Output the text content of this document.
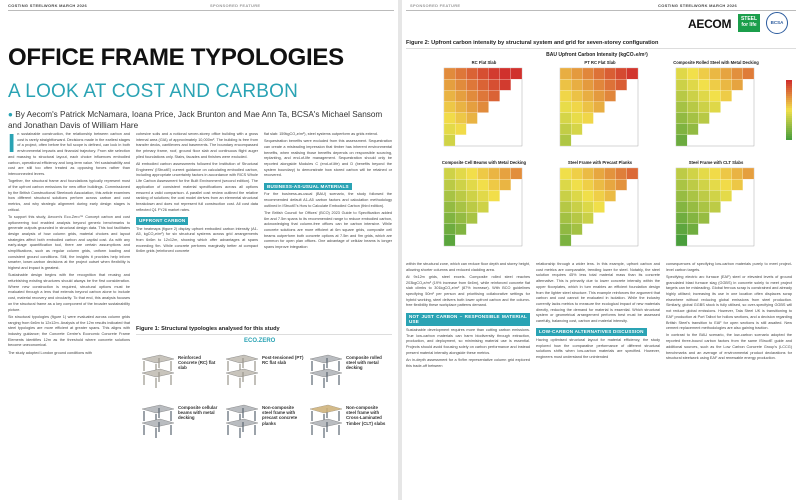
COSTING STEELWORK MARCH 2026	SPONSORED FEATURE
OFFICE FRAME TYPOLOGIES
A LOOK AT COST AND CARBON
● By Aecom's Patrick McNamara, Ioana Price, Jack Brunton and Mae Ann Ta, BCSA's Michael Sansom and Jonathan Davis of William Hare

In sustainable construction, the relationship between carbon and cost is rarely straightforward. Decisions made in the earliest stages of a project, often before the full scope is defined, can lock in both environmental impacts and financial trajectory. From site selection and massing to structural layout, each choice influences embodied carbon, operational efficiency and long-term value. Yet sustainability and cost are still too often treated as opposing forces rather than interconnected levers.

Together, the structural frame and foundations typically represent most of the upfront carbon emissions for new office buildings. Commissioned by the British Constructional Steelwork Association, this article examines how different structural solutions perform across carbon and cost metrics, and why strategic alignment during early design stages is critical.

To support this study, Aecom's Eco.Zero™ Concept carbon and cost optioneering tool enabled analysis beyond generic benchmarks to generate outputs grounded in structural design data. This tool facilitates design analysis of how column grids, material choices and layout strategies affect both embodied carbon and capital cost. As with any early-stage quantification tool, there are certain assumptions and simplifications, such as regular column grids, uniform loading and consistent ground conditions. Still, the insights it provides help inform smarter, lower-carbon decisions at the project outset when flexibility is highest and impact is greatest.

Sustainable design begins with the recognition that reusing and refurbishing existing structures should always be the first consideration. Where new construction is required, structural options must be evaluated through a lens that extends beyond carbon alone to include cost, material recovery and circularity. To that end, this analysis focuses on the structural frame as a key component of the broader sustainability picture.

Six structural typologies (figure 1) were evaluated across column grids ranging from 6x6m to 12x12m. Analysis of the 12m results indicated that steel typologies are more efficient at greater spans. This aligns with industry guidance; the Concrete Centre's Economic Concrete Frame Elements identifies 12m as the threshold where concrete solutions become uneconomical.

The study adopted London ground conditions with

cohesive soils and a notional seven-storey office building with a gross internal area (GIA) of approximately 10,000m². The building is free from transfer decks, cantilevers and basements. The boundary encompassed the primary frame, roof, ground floor slab and continuous flight auger piled foundations only. Stairs, facades and finishes were excluded.

All embodied carbon assessments followed the Institution of Structural Engineers' (IStructE) current guidance on calculating embodied carbon, including appropriate uncertainty factors in accordance with RICS Whole Life Carbon Assessment for the Built Environment (second edition). The application of consistent material specifications across all options ensured a valid comparison. A parallel cost review outlined the relative ranking of solutions; the cost model derives from an elemental structural breakdown and does not represent full construction cost. All cost data reflected Q1 FY26 market rates.

UPFRONT CARBON

The heatmaps (figure 2) display upfront embodied carbon intensity (A1-A5, kgCO₂e/m²) for six structural systems across grid arrangements from 6x6m to 12x12m, showing which offer advantages at spans exceeding 9m. While concrete performs marginally better at compact 6x6m grids (reinforced concrete

flat slab: 159kgCO₂e/m²), steel systems outperform as grids extend.

Sequestration benefits were excluded from this assessment. Sequestration can create a misleading impression that timber has inherent environmental benefits, when realising those benefits depends on responsible sourcing, replanting, and end-of-life management. Sequestration should only be reported alongside Modules C (end-of-life) and D (benefits beyond the system boundary) to demonstrate how stored carbon will be retained or recovered.

BUSINESS-AS-USUAL MATERIALS

For the business-as-usual (BAU) scenario, the study followed the recommended default A1-A5 carbon factors and calculation methodology outlined in IStructE's How to Calculate Embodied Carbon (third edition).

The British Council for Offices' (BCO) 2023 Guide to Specification added 6m and 7.5m spans to its recommended range to reduce embodied carbon, acknowledging that column-free offices can be carbon intensive. While concrete solutions are more efficient at 6m square grids, composite cell beams outperform both concrete options at 7.5m and 9m grids, which are common for open plan offices. One advantage of cellular beams is longer spans improve integration

Figure 1: Structural typologies analysed for this study
ECO.ZERO
Reinforced Concrete (RC) flat slab
Post-tensioned (PT) RC flat slab
Composite rolled steel with metal decking
Composite cellular beams with metal decking
Non-composite steel frame with precast concrete planks
Non-composite steel frame with Cross-Laminated Timber (CLT) slabs
SPONSORED FEATURE	COSTING STEELWORK MARCH 2026
AECOM	STEEL for life	BCSA
Figure 2: Upfront carbon intensity by structural system and grid for seven-storey configuration
BAU Upfront Carbon Intensity (kgCO₂e/m²)
RC Flat Slab	PT RC Flat Slab	Composite Rolled Steel with Metal Decking
Composite Cell Beams with Metal Decking	Steel Frame with Precast Planks	Steel Frame with CLT Slabs

within the structural zone, which can reduce floor depth and storey height, allowing shorter columns and reduced cladding area.

At 9x12m grids, steel excels. Composite rolled steel reaches 203kgCO₂e/m² (19% increase from 6x6m), while reinforced concrete flat slab climbs to 301kgCO₂e/m² (87% increase). With BCO guidelines specifying 50m² per person and prioritising collaborative settings for hybrid working, steel delivers both lower upfront carbon and the column-free flexibility these workplace patterns demand.

NOT JUST CARBON – RESPONSIBLE MATERIAL USE

Sustainable development requires more than cutting carbon emissions. True low-carbon materials can harm biodiversity through extraction, production, and deployment, so minimising material use is essential. Projects should avoid focusing solely on carbon performance and instead present material intensity alongside these metrics.

An in-depth assessment for a 9x9m representative column grid explored this trade-off between

relationship through a wider lens. In this example, upfront carbon and cost metrics are comparable, trending lower for steel. Notably, the steel solution requires 45% less total material mass than its concrete alternative. This is primarily due to lower concrete intensity within the upper floorplates, which in turn enables an efficient foundation design from the lighter steel structure. This example reinforces the argument that carbon and cost cannot be evaluated in isolation. While the industry currently lacks metrics to measure the ecological impact of new materials directly, reducing the demand for material is essential. Which structural system or geometrical arrangement performs best must be assessed carefully, balancing cost, carbon and material intensity.

LOW-CARBON ALTERNATIVES DISCUSSION

Having optimised structural layout for material efficiency, the study explored how the comparative performance of different structural solutions shifts when low-carbon materials are specified. However, engineers must understand the unintended

consequences of specifying low-carbon materials purely to meet project-level carbon targets.

Specifying electric arc furnace (EAF) steel or elevated levels of ground granulated blast furnace slag (GGBS) in concrete solely to meet project targets can be misleading. Global ferrous scrap is constrained and already highly utilised; increasing its use in one location often displaces scrap elsewhere without reducing global emissions from steel production. Similarly, global GGBS stock is fully utilised, so over-specifying GGBS will not reduce global emissions. However, Tata Steel UK is transitioning to EAF production at Port Talbot for hollow sections, and a decision regarding British Steel's transition to EAF for open sections is still awaited. New cement replacement methodologies are also gaining traction.

In contrast to the BAU scenario, the low-carbon scenario adopted the reported three-bound carbon factors from the same IStructE guide and additional sources, such as the Low Carbon Concrete Group's (LCCG) benchmarks and an average of environmental product declarations for structural steelwork using EAF and renewable energy production.
